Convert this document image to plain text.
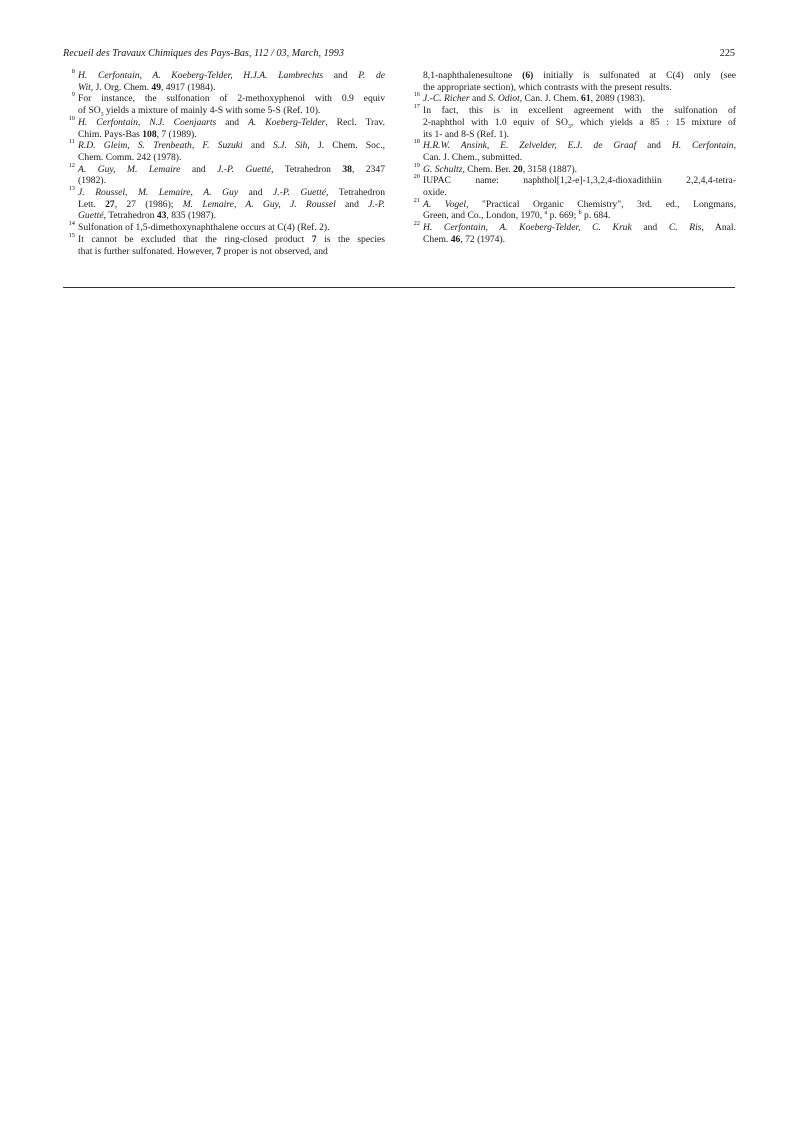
Recueil des Travaux Chimiques des Pays-Bas, 112 / 03, March, 1993	225
8 H. Cerfontain, A. Koeberg-Telder, H.J.A. Lambrechts and P. de
Wit, J. Org. Chem. 49, 4917 (1984).
9 For instance, the sulfonation of 2-methoxyphenol with 0.9 equiv
of $SO_3$ yields a mixture of mainly 4-S with some 5-S (Ref. 10).
10 H. Cerfontain, N.J. Coenjaarts and A. Koeberg-Telder, Recl. Trav.
Chim. Pays-Bas 108, 7 (1989).
11 R.D. Gleim, S. Trenbeath, F. Suzuki and S.J. Sih, J. Chem. Soc.,
Chem. Comm. 242 (1978).
12 A. Guy, M. Lemaire and J.-P. Guetté, Tetrahedron 38, 2347
(1982).
13 J. Roussel, M. Lemaire, A. Guy and J.-P. Guetté, Tetrahedron
Lett. 27, 27 (1986); M. Lemaire, A. Guy, J. Roussel and J.-P.
Guetté, Tetrahedron 43, 835 (1987).
14 Sulfonation of 1,5-dimethoxynaphthalene occurs at C(4) (Ref. 2).
15 It cannot be excluded that the ring-closed product 7 is the species
that is further sulfonated. However, 7 proper is not observed, and
8,1-naphthalenesultone (6) initially is sulfonated at C(4) only (see
the appropriate section), which contrasts with the present results.
16 J.-C. Richer and S. Odiot, Can. J. Chem. 61, 2089 (1983).
17 In fact, this is in excellent agreement with the sulfonation of
2-naphthol with 1.0 equiv of $SO_3$, which yields a 85 : 15 mixture of
its 1- and 8-S (Ref. 1).
18 H.R.W. Ansink, E. Zelvelder, E.J. de Graaf and H. Cerfontain,
Can. J. Chem., submitted.
19 G. Schultz, Chem. Ber. 20, 3158 (1887).
20 IUPAC name: naphthol[1,2-e]-1,3,2,4-dioxadithiin 2,2,4,4-tetra-
oxide.
21 A. Vogel, "Practical Organic Chemistry", 3rd. ed., Longmans,
Green, and Co., London, 1970, $^a$ p. 669; $^b$ p. 684.
22 H. Cerfontain, A. Koeberg-Telder, C. Kruk and C. Ris, Anal.
Chem. 46, 72 (1974).
